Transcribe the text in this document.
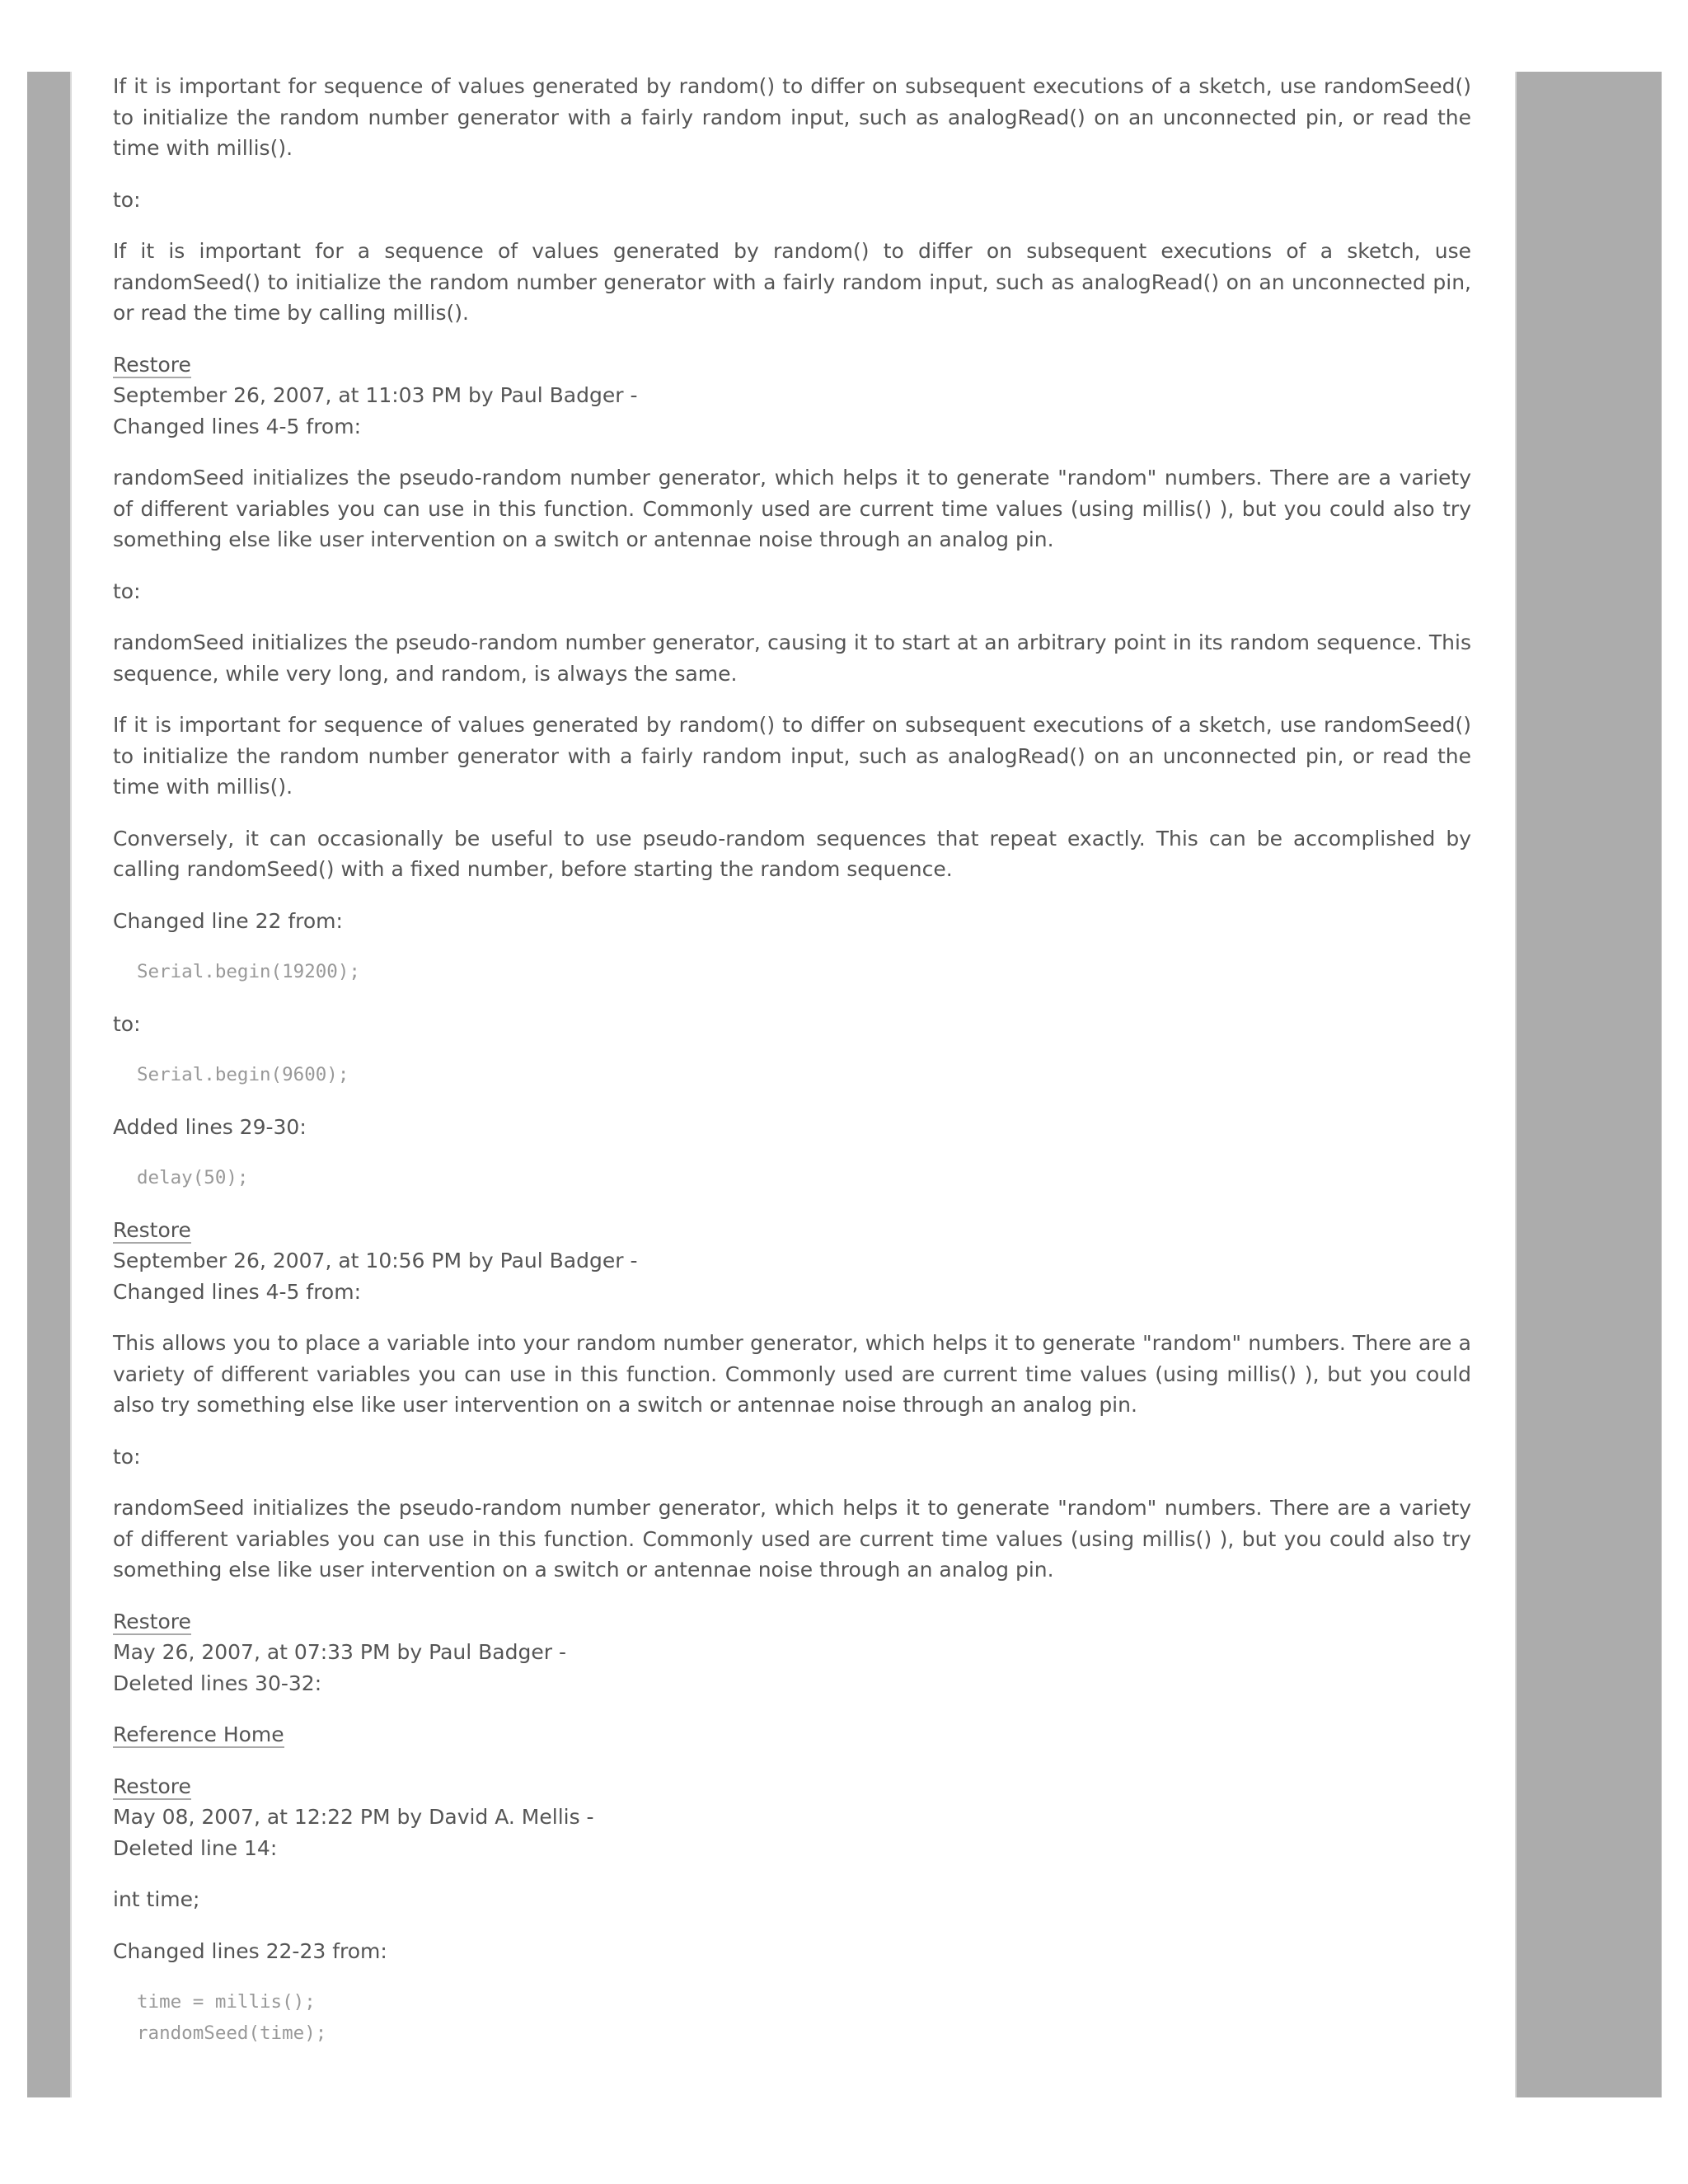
If it is important for sequence of values generated by random() to differ on subsequent executions of a sketch, use randomSeed() to initialize the random number generator with a fairly random input, such as analogRead() on an unconnected pin, or read the time with millis().

to:

If it is important for a sequence of values generated by random() to differ on subsequent executions of a sketch, use randomSeed() to initialize the random number generator with a fairly random input, such as analogRead() on an unconnected pin, or read the time by calling millis().

Restore
September 26, 2007, at 11:03 PM by Paul Badger -
Changed lines 4-5 from:

randomSeed initializes the pseudo-random number generator, which helps it to generate "random" numbers. There are a variety of different variables you can use in this function. Commonly used are current time values (using millis() ), but you could also try something else like user intervention on a switch or antennae noise through an analog pin.

to:

randomSeed initializes the pseudo-random number generator, causing it to start at an arbitrary point in its random sequence. This sequence, while very long, and random, is always the same.

If it is important for sequence of values generated by random() to differ on subsequent executions of a sketch, use randomSeed() to initialize the random number generator with a fairly random input, such as analogRead() on an unconnected pin, or read the time with millis().

Conversely, it can occasionally be useful to use pseudo-random sequences that repeat exactly. This can be accomplished by calling randomSeed() with a fixed number, before starting the random sequence.

Changed line 22 from:

Serial.begin(19200);

to:

Serial.begin(9600);

Added lines 29-30:

delay(50);
Restore
September 26, 2007, at 10:56 PM by Paul Badger -
Changed lines 4-5 from:

This allows you to place a variable into your random number generator, which helps it to generate "random" numbers. There are a variety of different variables you can use in this function. Commonly used are current time values (using millis() ), but you could also try something else like user intervention on a switch or antennae noise through an analog pin.

to:

randomSeed initializes the pseudo-random number generator, which helps it to generate "random" numbers. There are a variety of different variables you can use in this function. Commonly used are current time values (using millis() ), but you could also try something else like user intervention on a switch or antennae noise through an analog pin.

Restore
May 26, 2007, at 07:33 PM by Paul Badger -
Deleted lines 30-32:

Reference Home

Restore
May 08, 2007, at 12:22 PM by David A. Mellis -
Deleted line 14:

int time;

Changed lines 22-23 from:

time = millis();
randomSeed(time);
